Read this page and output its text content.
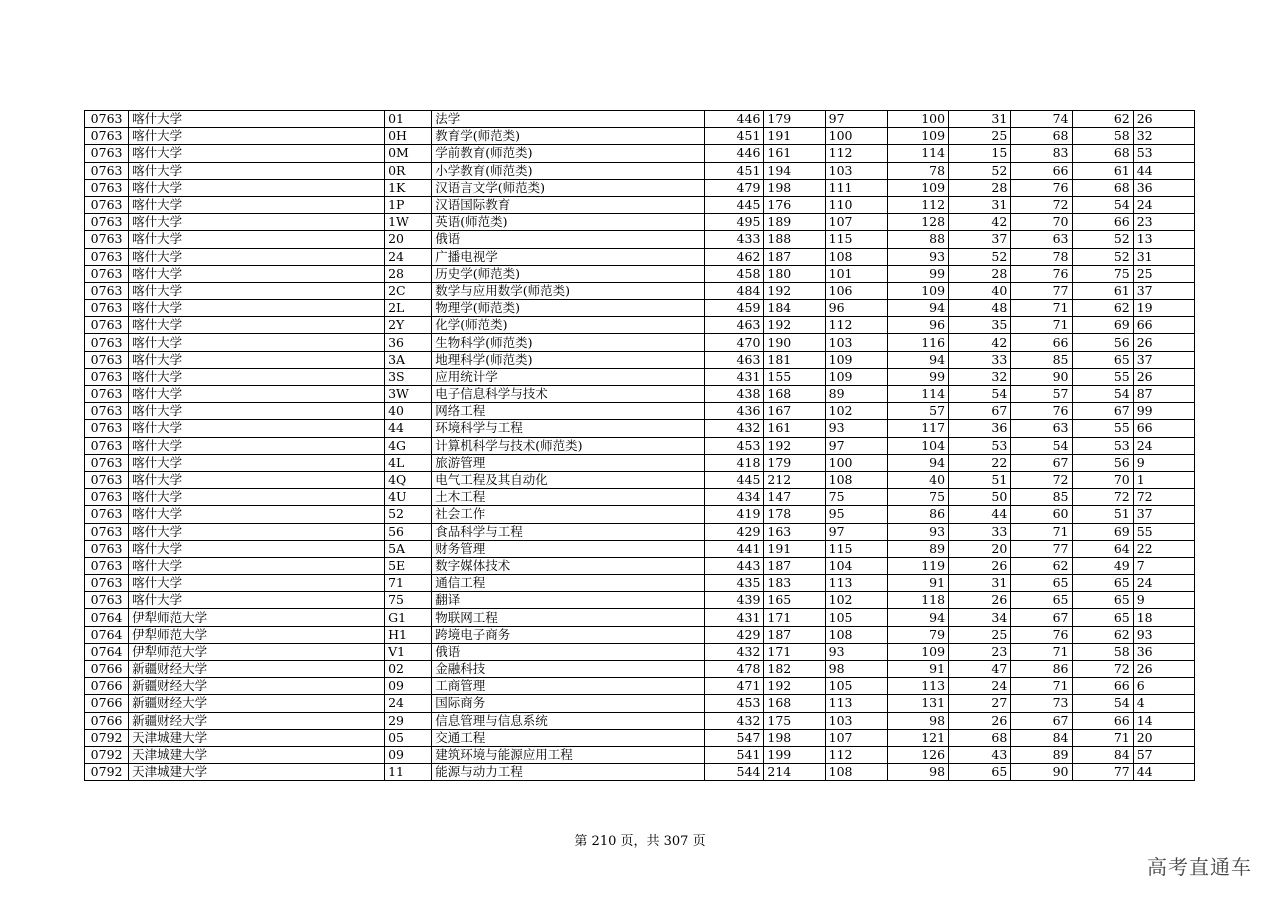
0763	喀什大学	01	法学	446	179	97	100	31	74	62	26
0763	喀什大学	0H	教育学(师范类)	451	191	100	109	25	68	58	32
0763	喀什大学	0M	学前教育(师范类)	446	161	112	114	15	83	68	53
0763	喀什大学	0R	小学教育(师范类)	451	194	103	78	52	66	61	44
0763	喀什大学	1K	汉语言文学(师范类)	479	198	111	109	28	76	68	36
0763	喀什大学	1P	汉语国际教育	445	176	110	112	31	72	54	24
0763	喀什大学	1W	英语(师范类)	495	189	107	128	42	70	66	23
0763	喀什大学	20	俄语	433	188	115	88	37	63	52	13
0763	喀什大学	24	广播电视学	462	187	108	93	52	78	52	31
0763	喀什大学	28	历史学(师范类)	458	180	101	99	28	76	75	25
0763	喀什大学	2C	数学与应用数学(师范类)	484	192	106	109	40	77	61	37
0763	喀什大学	2L	物理学(师范类)	459	184	96	94	48	71	62	19
0763	喀什大学	2Y	化学(师范类)	463	192	112	96	35	71	69	66
0763	喀什大学	36	生物科学(师范类)	470	190	103	116	42	66	56	26
0763	喀什大学	3A	地理科学(师范类)	463	181	109	94	33	85	65	37
0763	喀什大学	3S	应用统计学	431	155	109	99	32	90	55	26
0763	喀什大学	3W	电子信息科学与技术	438	168	89	114	54	57	54	87
0763	喀什大学	40	网络工程	436	167	102	57	67	76	67	99
0763	喀什大学	44	环境科学与工程	432	161	93	117	36	63	55	66
0763	喀什大学	4G	计算机科学与技术(师范类)	453	192	97	104	53	54	53	24
0763	喀什大学	4L	旅游管理	418	179	100	94	22	67	56	9
0763	喀什大学	4Q	电气工程及其自动化	445	212	108	40	51	72	70	1
0763	喀什大学	4U	土木工程	434	147	75	75	50	85	72	72
0763	喀什大学	52	社会工作	419	178	95	86	44	60	51	37
0763	喀什大学	56	食品科学与工程	429	163	97	93	33	71	69	55
0763	喀什大学	5A	财务管理	441	191	115	89	20	77	64	22
0763	喀什大学	5E	数字媒体技术	443	187	104	119	26	62	49	7
0763	喀什大学	71	通信工程	435	183	113	91	31	65	65	24
0763	喀什大学	75	翻译	439	165	102	118	26	65	65	9
0764	伊犁师范大学	G1	物联网工程	431	171	105	94	34	67	65	18
0764	伊犁师范大学	H1	跨境电子商务	429	187	108	79	25	76	62	93
0764	伊犁师范大学	V1	俄语	432	171	93	109	23	71	58	36
0766	新疆财经大学	02	金融科技	478	182	98	91	47	86	72	26
0766	新疆财经大学	09	工商管理	471	192	105	113	24	71	66	6
0766	新疆财经大学	24	国际商务	453	168	113	131	27	73	54	4
0766	新疆财经大学	29	信息管理与信息系统	432	175	103	98	26	67	66	14
0792	天津城建大学	05	交通工程	547	198	107	121	68	84	71	20
0792	天津城建大学	09	建筑环境与能源应用工程	541	199	112	126	43	89	84	57
0792	天津城建大学	11	能源与动力工程	544	214	108	98	65	90	77	44
第 210 页，共 307 页
高考直通车
